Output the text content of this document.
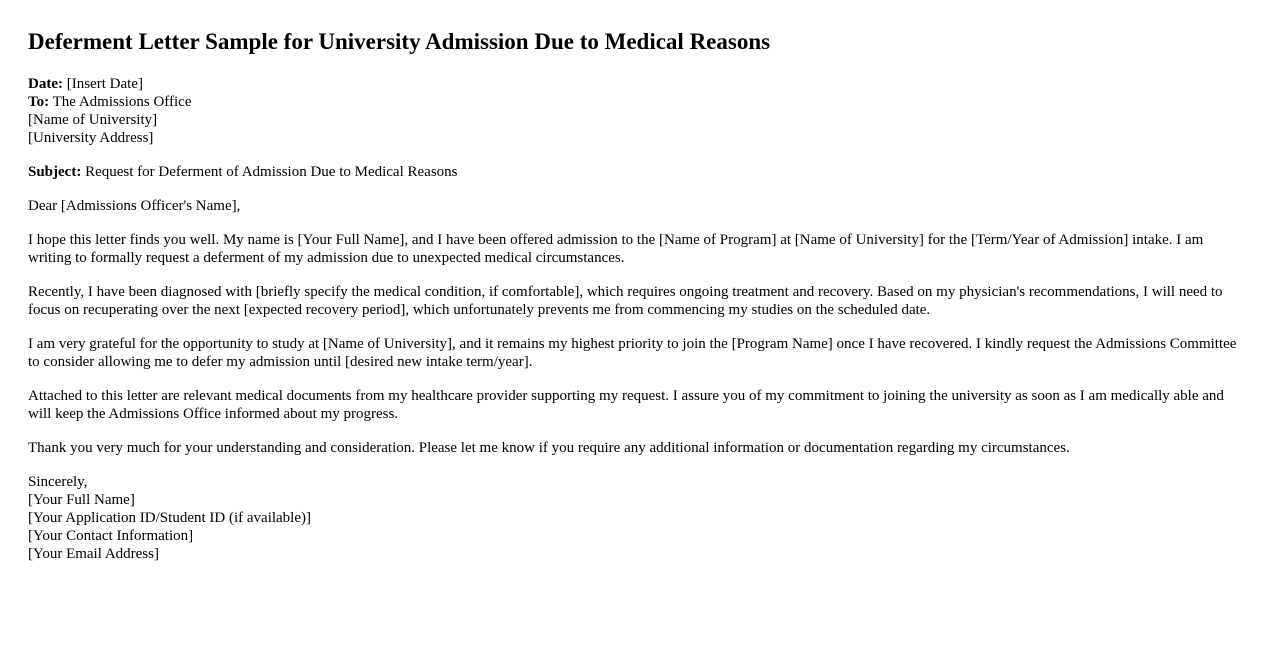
Deferment Letter Sample for University Admission Due to Medical Reasons
Date: [Insert Date]
To: The Admissions Office
[Name of University]
[University Address]
Subject: Request for Deferment of Admission Due to Medical Reasons
Dear [Admissions Officer's Name],
I hope this letter finds you well. My name is [Your Full Name], and I have been offered admission to the [Name of Program] at [Name of University] for the [Term/Year of Admission] intake. I am writing to formally request a deferment of my admission due to unexpected medical circumstances.
Recently, I have been diagnosed with [briefly specify the medical condition, if comfortable], which requires ongoing treatment and recovery. Based on my physician's recommendations, I will need to focus on recuperating over the next [expected recovery period], which unfortunately prevents me from commencing my studies on the scheduled date.
I am very grateful for the opportunity to study at [Name of University], and it remains my highest priority to join the [Program Name] once I have recovered. I kindly request the Admissions Committee to consider allowing me to defer my admission until [desired new intake term/year].
Attached to this letter are relevant medical documents from my healthcare provider supporting my request. I assure you of my commitment to joining the university as soon as I am medically able and will keep the Admissions Office informed about my progress.
Thank you very much for your understanding and consideration. Please let me know if you require any additional information or documentation regarding my circumstances.
Sincerely,
[Your Full Name]
[Your Application ID/Student ID (if available)]
[Your Contact Information]
[Your Email Address]
